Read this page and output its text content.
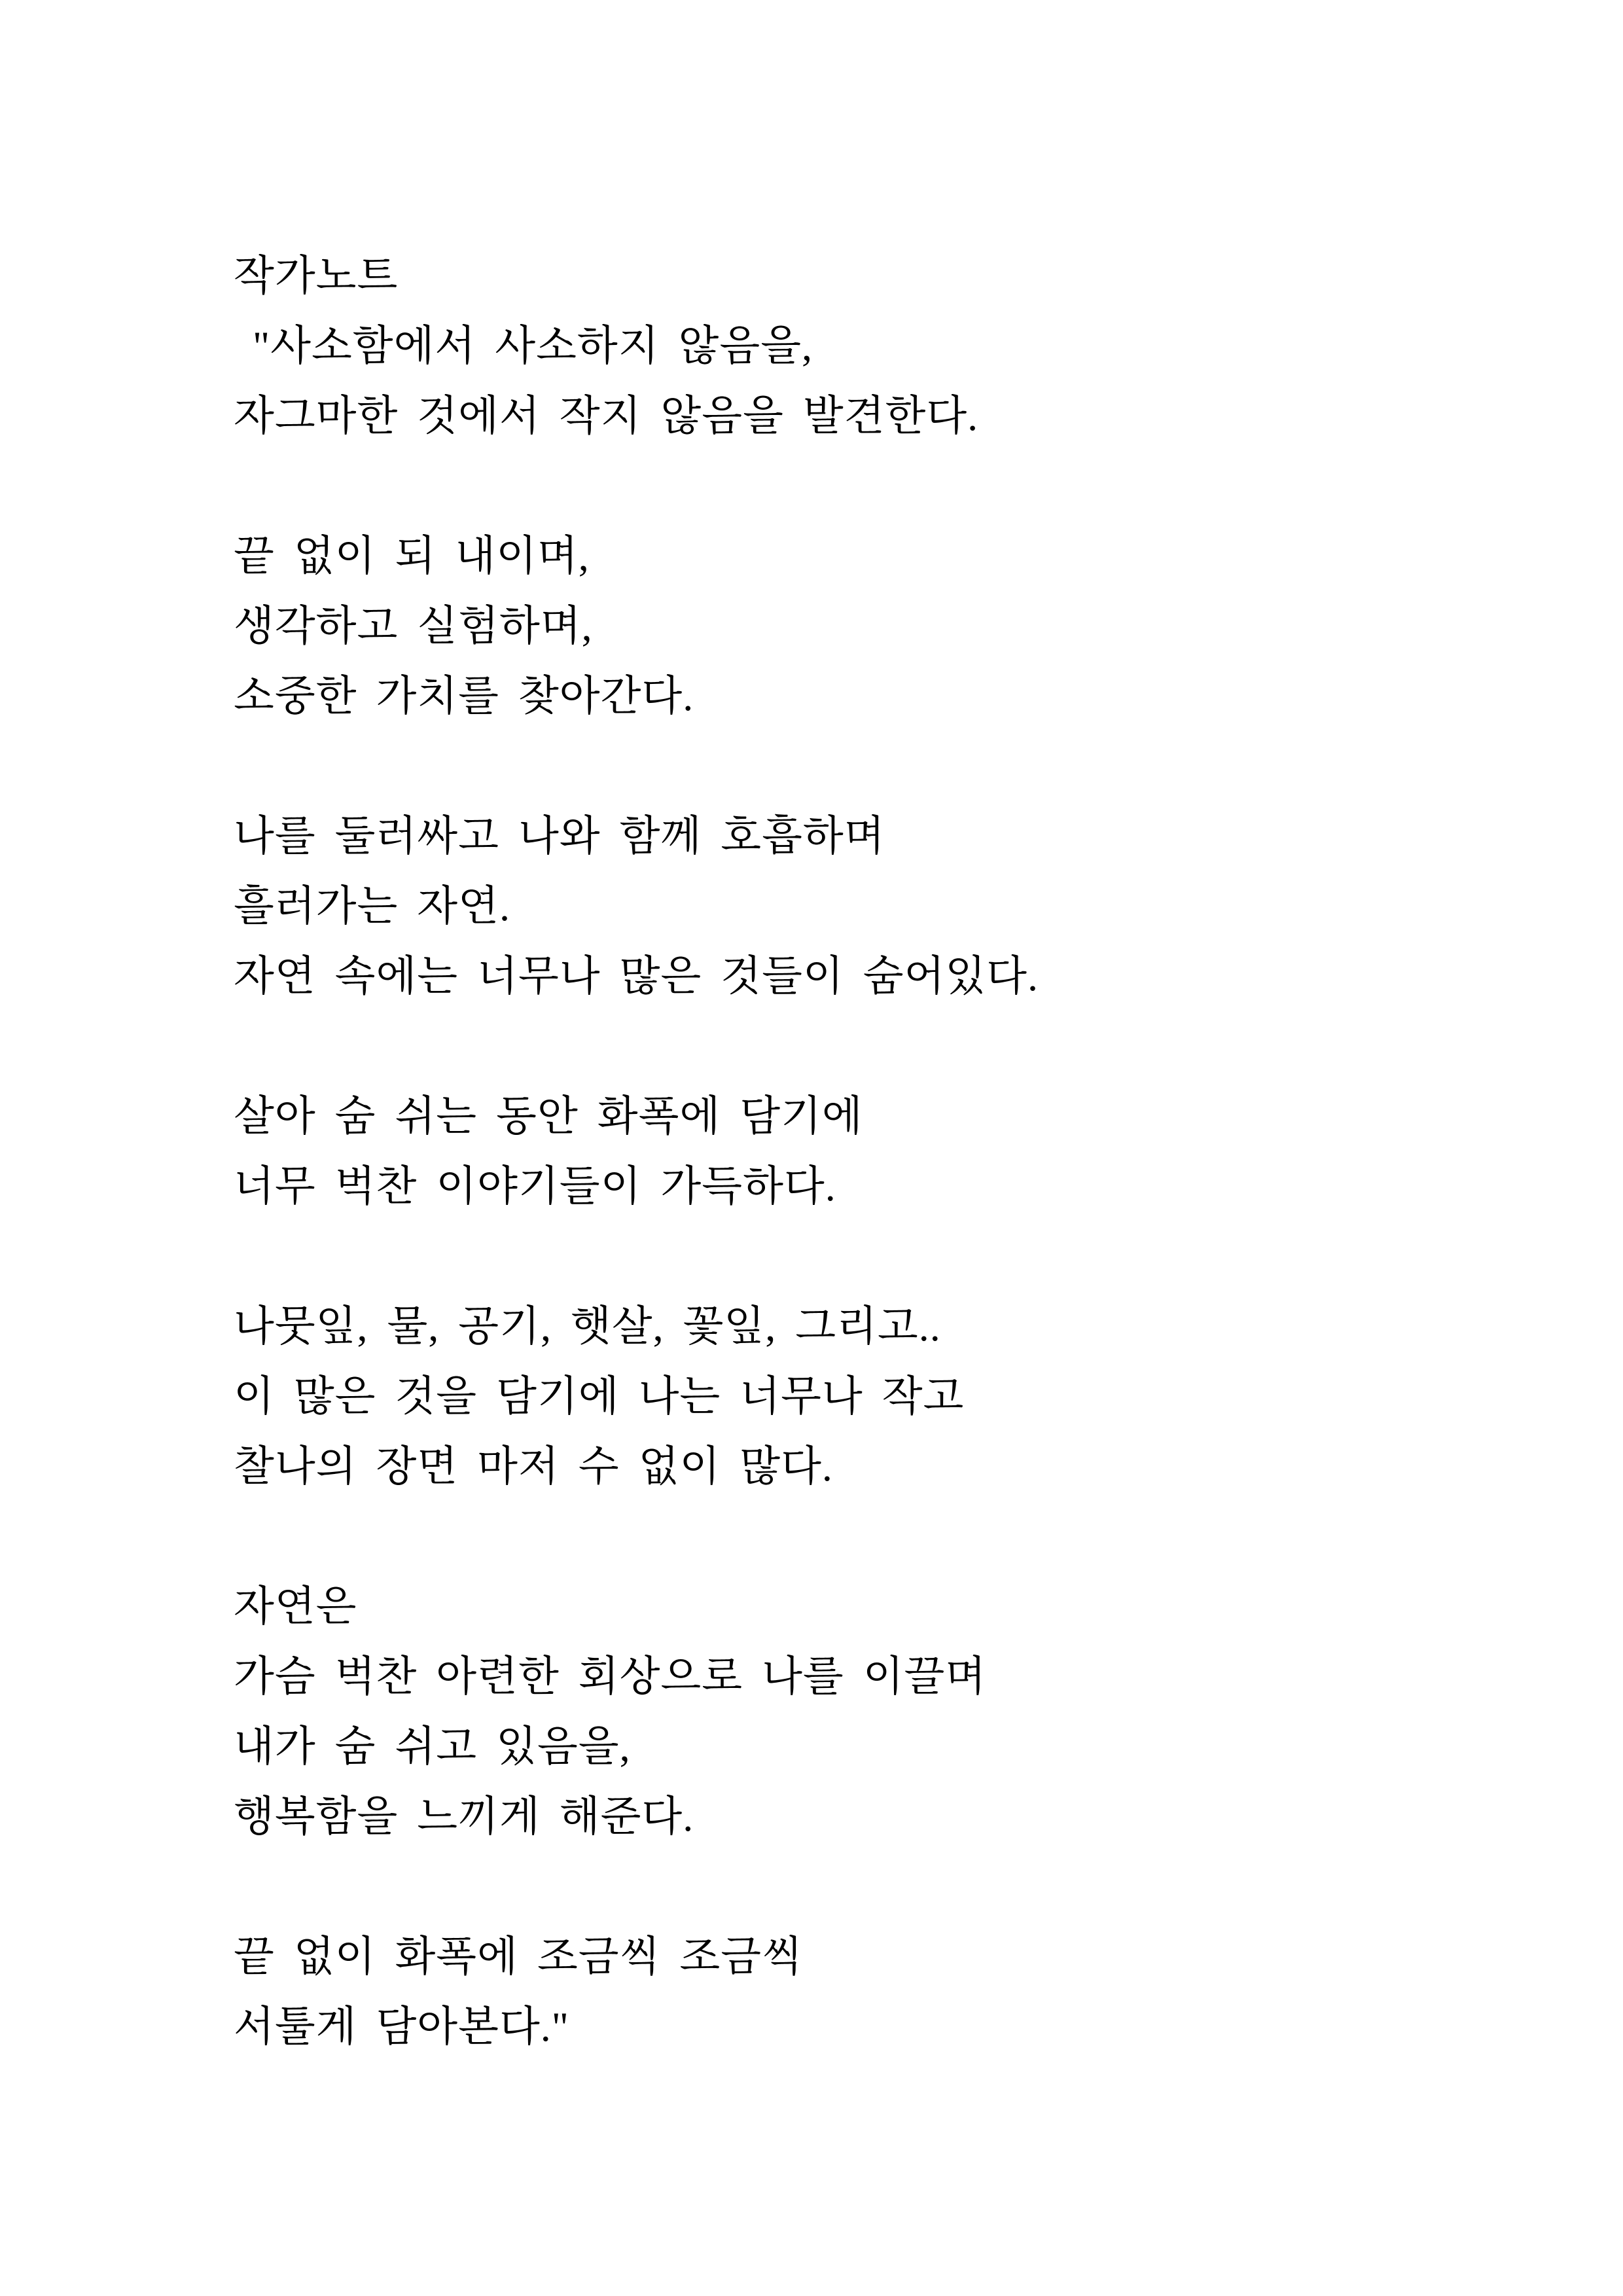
작가노트
"사소함에서 사소하지 않음을,
자그마한 것에서 작지 않음을 발견한다.
끝 없이 되 내이며,
생각하고 실험하며,
소중한 가치를 찾아간다.
나를 둘러싸고 나와 함께 호흡하며
흘러가는 자연.
자연 속에는 너무나 많은 것들이 숨어있다.
살아 숨 쉬는 동안 화폭에 담기에
너무 벅찬 이야기들이 가득하다.
나뭇잎, 물, 공기, 햇살, 꽃잎, 그리고..
이 많은 것을 담기에 나는 너무나 작고
찰나의 장면 마저 수 없이 많다.
자연은
가슴 벅찬 아련한 회상으로 나를 이끌며
내가 숨 쉬고 있음을,
행복함을 느끼게 해준다.
끝 없이 화폭에 조금씩 조금씩
서툴게 담아본다."
